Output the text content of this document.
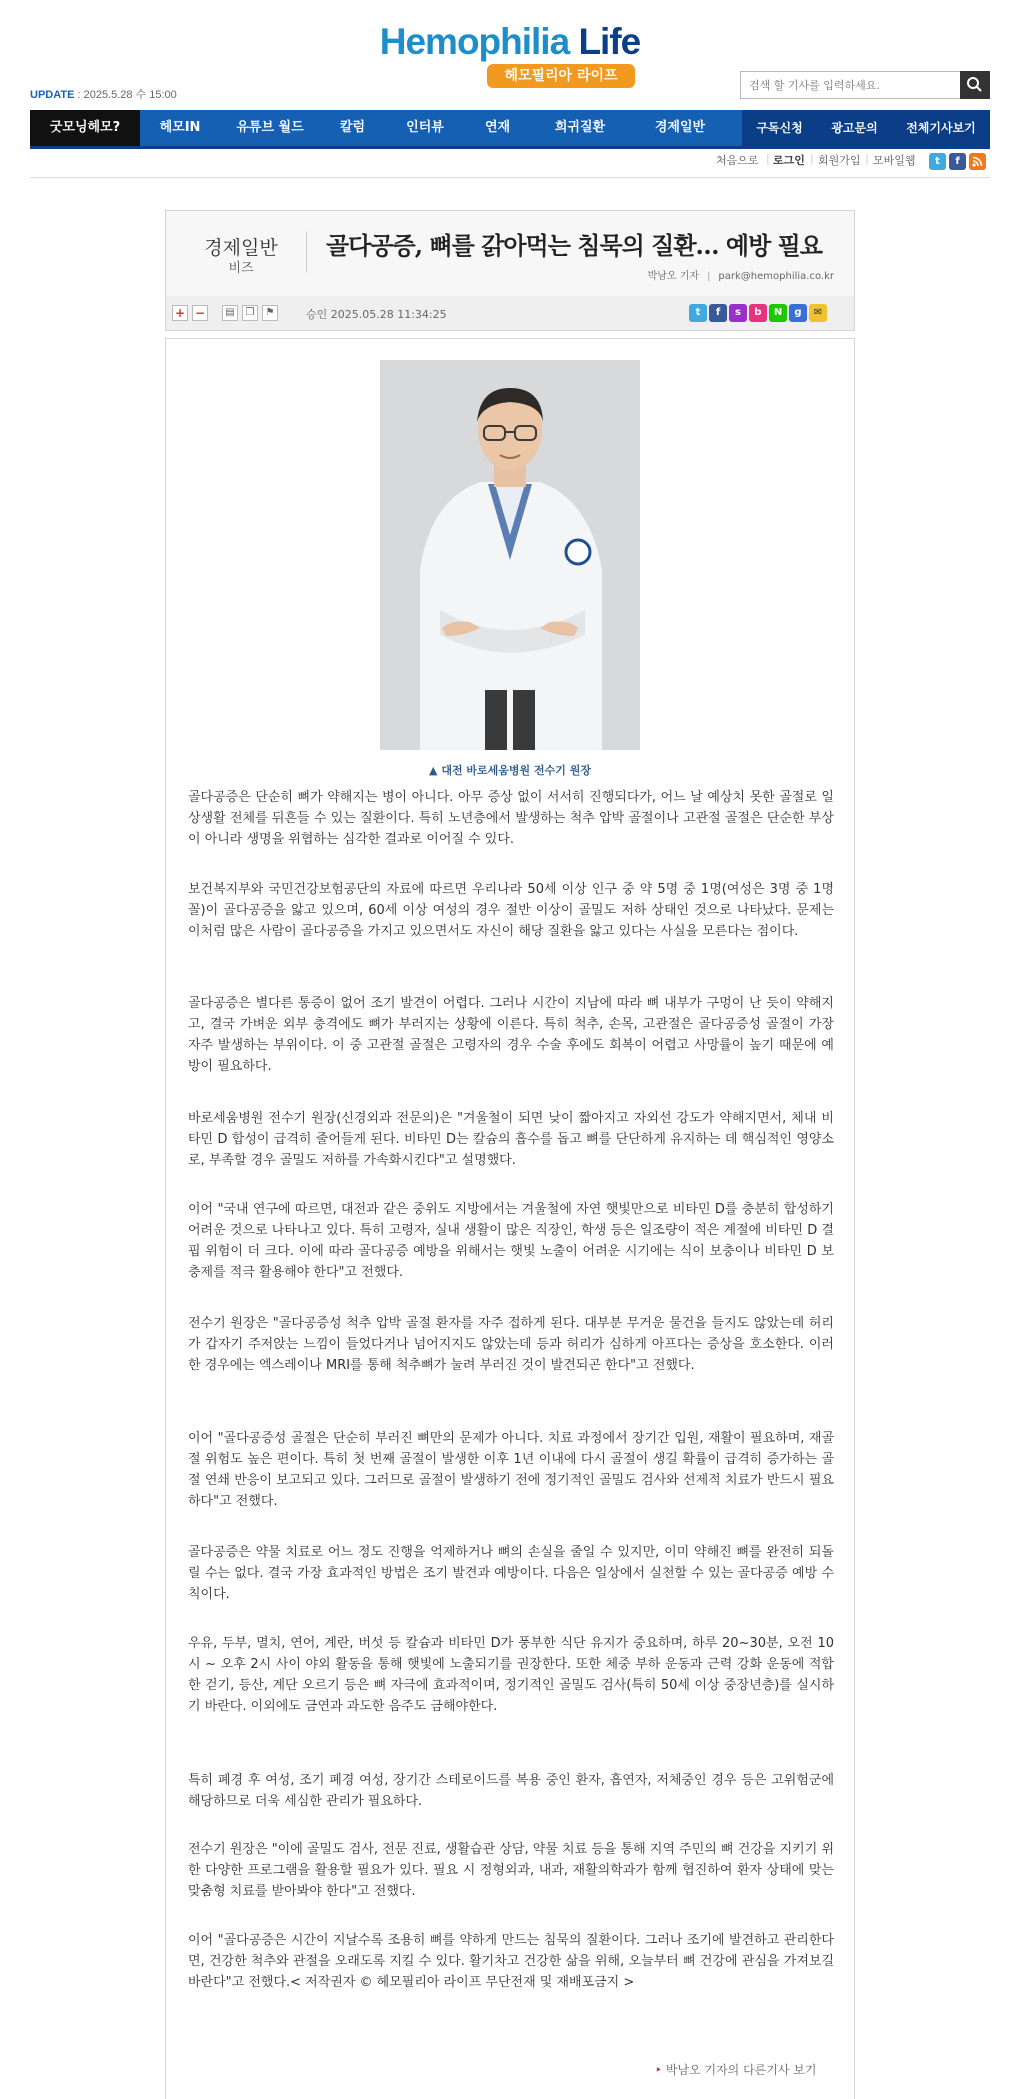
Hemophilia Life
헤모필리아 라이프
UPDATE : 2025.5.28 수 15:00
검색 할 기사를 입력하세요.
굿모닝헤모?	헤모IN	유튜브 월드	칼럼	인터뷰	연재	희귀질환	경제일반	구독신청	광고문의	전체기사보기
처음으로 | 로그인 | 회원가입 | 모바일웹	t	f
경제일반
비즈
골다공증, 뼈를 갉아먹는 침묵의 질환… 예방 필요
박남오 기자 | park@hemophilia.co.kr
+ −	▤	❐	⚑	승인 2025.05.28 11:34:25	t	f	s	b	N	g	✉
▲ 대전 바로세움병원 전수기 원장

골다공증은 단순히 뼈가 약해지는 병이 아니다. 아무 증상 없이 서서히 진행되다가, 어느 날 예상치 못한 골절로 일상생활 전체를 뒤흔들 수 있는 질환이다. 특히 노년층에서 발생하는 척추 압박 골절이나 고관절 골절은 단순한 부상이 아니라 생명을 위협하는 심각한 결과로 이어질 수 있다.

보건복지부와 국민건강보험공단의 자료에 따르면 우리나라 50세 이상 인구 중 약 5명 중 1명(여성은 3명 중 1명꼴)이 골다공증을 앓고 있으며, 60세 이상 여성의 경우 절반 이상이 골밀도 저하 상태인 것으로 나타났다. 문제는 이처럼 많은 사람이 골다공증을 가지고 있으면서도 자신이 해당 질환을 앓고 있다는 사실을 모른다는 점이다.

골다공증은 별다른 통증이 없어 조기 발견이 어렵다. 그러나 시간이 지남에 따라 뼈 내부가 구멍이 난 듯이 약해지고, 결국 가벼운 외부 충격에도 뼈가 부러지는 상황에 이른다. 특히 척추, 손목, 고관절은 골다공증성 골절이 가장 자주 발생하는 부위이다. 이 중 고관절 골절은 고령자의 경우 수술 후에도 회복이 어렵고 사망률이 높기 때문에 예방이 필요하다.

바로세움병원 전수기 원장(신경외과 전문의)은 "겨울철이 되면 낮이 짧아지고 자외선 강도가 약해지면서, 체내 비타민 D 합성이 급격히 줄어들게 된다. 비타민 D는 칼슘의 흡수를 돕고 뼈를 단단하게 유지하는 데 핵심적인 영양소로, 부족할 경우 골밀도 저하를 가속화시킨다"고 설명했다.

이어 "국내 연구에 따르면, 대전과 같은 중위도 지방에서는 겨울철에 자연 햇빛만으로 비타민 D를 충분히 합성하기 어려운 것으로 나타나고 있다. 특히 고령자, 실내 생활이 많은 직장인, 학생 등은 일조량이 적은 계절에 비타민 D 결핍 위험이 더 크다. 이에 따라 골다공증 예방을 위해서는 햇빛 노출이 어려운 시기에는 식이 보충이나 비타민 D 보충제를 적극 활용해야 한다"고 전했다.

전수기 원장은 "골다공증성 척추 압박 골절 환자를 자주 접하게 된다. 대부분 무거운 물건을 들지도 않았는데 허리가 갑자기 주저앉는 느낌이 들었다거나 넘어지지도 않았는데 등과 허리가 심하게 아프다는 증상을 호소한다. 이러한 경우에는 엑스레이나 MRI를 통해 척추뼈가 눌려 부러진 것이 발견되곤 한다"고 전했다.

이어 "골다공증성 골절은 단순히 부러진 뼈만의 문제가 아니다. 치료 과정에서 장기간 입원, 재활이 필요하며, 재골절 위험도 높은 편이다. 특히 첫 번째 골절이 발생한 이후 1년 이내에 다시 골절이 생길 확률이 급격히 증가하는 골절 연쇄 반응이 보고되고 있다. 그러므로 골절이 발생하기 전에 정기적인 골밀도 검사와 선제적 치료가 반드시 필요하다"고 전했다.

골다공증은 약물 치료로 어느 정도 진행을 억제하거나 뼈의 손실을 줄일 수 있지만, 이미 약해진 뼈를 완전히 되돌릴 수는 없다. 결국 가장 효과적인 방법은 조기 발견과 예방이다. 다음은 일상에서 실천할 수 있는 골다공증 예방 수칙이다.

우유, 두부, 멸치, 연어, 계란, 버섯 등 칼슘과 비타민 D가 풍부한 식단 유지가 중요하며, 하루 20~30분, 오전 10시 ~ 오후 2시 사이 야외 활동을 통해 햇빛에 노출되기를 권장한다. 또한 체중 부하 운동과 근력 강화 운동에 적합한 걷기, 등산, 계단 오르기 등은 뼈 자극에 효과적이며, 정기적인 골밀도 검사(특히 50세 이상 중장년층)를 실시하기 바란다. 이외에도 금연과 과도한 음주도 금해야한다.

특히 폐경 후 여성, 조기 폐경 여성, 장기간 스테로이드를 복용 중인 환자, 흡연자, 저체중인 경우 등은 고위험군에 해당하므로 더욱 세심한 관리가 필요하다.

전수기 원장은 "이에 골밀도 검사, 전문 진료, 생활습관 상담, 약물 치료 등을 통해 지역 주민의 뼈 건강을 지키기 위한 다양한 프로그램을 활용할 필요가 있다. 필요 시 정형외과, 내과, 재활의학과가 함께 협진하여 환자 상태에 맞는 맞춤형 치료를 받아봐야 한다"고 전했다.

이어 "골다공증은 시간이 지날수록 조용히 뼈를 약하게 만드는 침묵의 질환이다. 그러나 조기에 발견하고 관리한다면, 건강한 척추와 관절을 오래도록 지킬 수 있다. 활기차고 건강한 삶을 위해, 오늘부터 뼈 건강에 관심을 가져보길 바란다"고 전했다.< 저작권자 © 헤모필리아 라이프 무단전재 및 재배포금지 >

‣ 박남오 기자의 다른기사 보기
